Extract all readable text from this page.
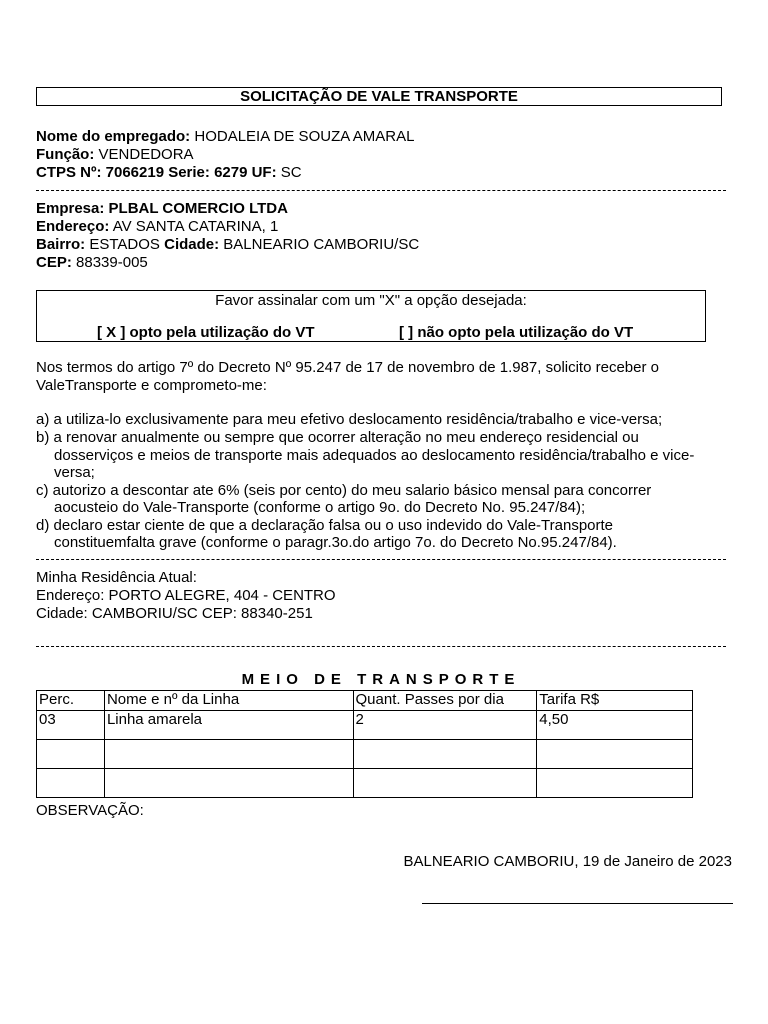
SOLICITAÇÃO DE VALE TRANSPORTE
Nome do empregado: HODALEIA DE SOUZA AMARAL
Função: VENDEDORA
CTPS Nº: 7066219 Serie: 6279 UF: SC
Empresa: PLBAL COMERCIO LTDA
Endereço: AV SANTA CATARINA, 1
Bairro: ESTADOS Cidade: BALNEARIO CAMBORIU/SC
CEP: 88339-005
Favor assinalar com um "X" a opção desejada:
[ X ] opto pela utilização do VT	[ ] não opto pela utilização do VT
Nos termos do artigo 7º do Decreto Nº 95.247 de 17 de novembro de 1.987, solicito receber o
ValeTransporte e comprometo-me:
a) a utiliza-lo exclusivamente para meu efetivo deslocamento residência/trabalho e vice-versa;
b) a renovar anualmente ou sempre que ocorrer alteração no meu endereço residencial ou
dosserviços e meios de transporte mais adequados ao deslocamento residência/trabalho e vice-
versa;
c) autorizo a descontar ate 6% (seis por cento) do meu salario básico mensal para concorrer
aocusteio do Vale-Transporte (conforme o artigo 9o. do Decreto No. 95.247/84);
d) declaro estar ciente de que a declaração falsa ou o uso indevido do Vale-Transporte
constituemfalta grave (conforme o paragr.3o.do artigo 7o. do Decreto No.95.247/84).
Minha Residência Atual:
Endereço: PORTO ALEGRE, 404 - CENTRO
Cidade: CAMBORIU/SC CEP: 88340-251
MEIO DE TRANSPORTE
Perc.	Nome e nº da Linha	Quant. Passes por dia	Tarifa R$
03	Linha amarela	2	4,50

OBSERVAÇÃO:
BALNEARIO CAMBORIU, 19 de Janeiro de 2023
